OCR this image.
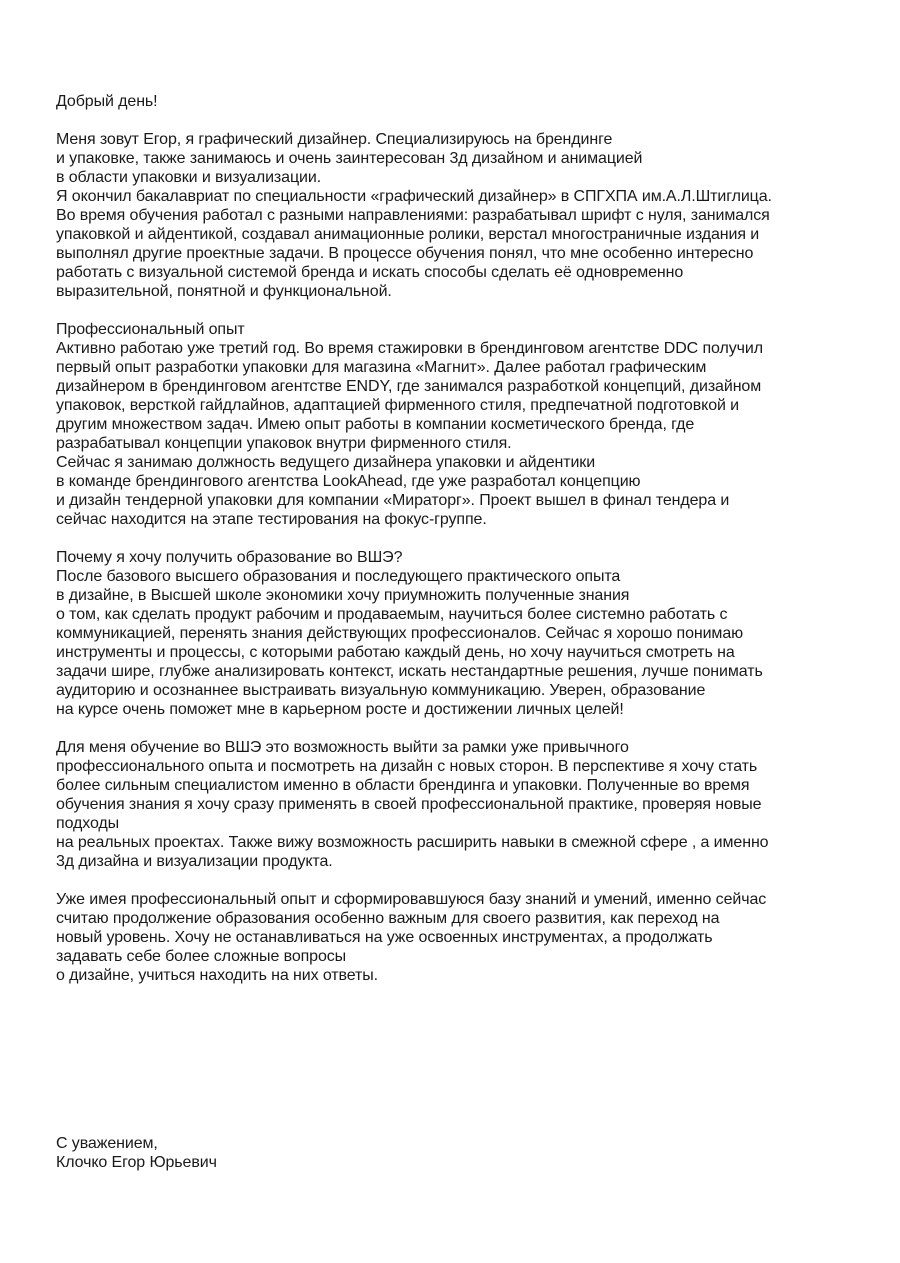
Добрый день!
Меня зовут Егор, я графический дизайнер. Специализируюсь на брендинге
и упаковке, также занимаюсь и очень заинтересован 3д дизайном и анимацией
в области упаковки и визуализации.
Я окончил бакалавриат по специальности «графический дизайнер» в СПГХПА им.А.Л.Штиглица.
Во время обучения работал с разными направлениями: разрабатывал шрифт с нуля, занимался
упаковкой и айдентикой, создавал анимационные ролики, верстал многостраничные издания и
выполнял другие проектные задачи. В процессе обучения понял, что мне особенно интересно
работать с визуальной системой бренда и искать способы сделать её одновременно
выразительной, понятной и функциональной.
Профессиональный опыт
Активно работаю уже третий год. Во время стажировки в брендинговом агентстве DDC получил
первый опыт разработки упаковки для магазина «Магнит». Далее работал графическим
дизайнером в брендинговом агентстве ENDY, где занимался разработкой концепций, дизайном
упаковок, версткой гайдлайнов, адаптацией фирменного стиля, предпечатной подготовкой и
другим множеством задач. Имею опыт работы в компании косметического бренда, где
разрабатывал концепции упаковок внутри фирменного стиля.
Сейчас я занимаю должность ведущего дизайнера упаковки и айдентики
в команде брендингового агентства LookAhead, где уже разработал концепцию
и дизайн тендерной упаковки для компании «Мираторг». Проект вышел в финал тендера и
сейчас находится на этапе тестирования на фокус-группе.
Почему я хочу получить образование во ВШЭ?
После базового высшего образования и последующего практического опыта
в дизайне, в Высшей школе экономики хочу приумножить полученные знания
о том, как сделать продукт рабочим и продаваемым, научиться более системно работать с
коммуникацией, перенять знания действующих профессионалов. Сейчас я хорошо понимаю
инструменты и процессы, с которыми работаю каждый день, но хочу научиться смотреть на
задачи шире, глубже анализировать контекст, искать нестандартные решения, лучше понимать
аудиторию и осознаннее выстраивать визуальную коммуникацию. Уверен, образование
на курсе очень поможет мне в карьерном росте и достижении личных целей!
Для меня обучение во ВШЭ это возможность выйти за рамки уже привычного
профессионального опыта и посмотреть на дизайн с новых сторон. В перспективе я хочу стать
более сильным специалистом именно в области брендинга и упаковки. Полученные во время
обучения знания я хочу сразу применять в своей профессиональной практике, проверяя новые
подходы
на реальных проектах. Также вижу возможность расширить навыки в смежной сфере , а именно
3д дизайна и визуализации продукта.
Уже имея профессиональный опыт и сформировавшуюся базу знаний и умений, именно сейчас
считаю продолжение образования особенно важным для своего развития, как переход на
новый уровень. Хочу не останавливаться на уже освоенных инструментах, а продолжать
задавать себе более сложные вопросы
о дизайне, учиться находить на них ответы.
С уважением,
Клочко Егор Юрьевич
